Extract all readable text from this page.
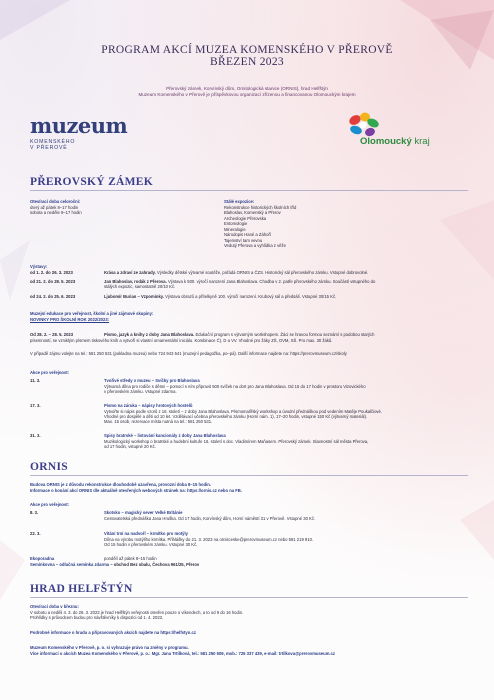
PROGRAM AKCÍ MUZEA KOMENSKÉHO V PŘEROVĚ
BŘEZEN 2023
Přerovský zámek, Korvínský dům, Ornitologická stanice (ORNIS), hrad Helfštýn
Muzeum Komenského v Přerově je příspěvkovou organizací zřízenou a financovanou Olomouckým krajem
muzeum
KOMENSKÉHO
V PŘEROVĚ
Olomoucký kraj
PŘEROVSKÝ ZÁMEK
Otevírací doba celoroční:
úterý až pátek 8–17 hodin
sobota a neděle 9–17 hodin
Stálé expozice:
Rekonstrukce historických školních tříd
Blahoslav, Komenský a Přerov
Archeologie Přerovska
Entomologie
Mineralogie
Národopis Hané a Záhoří
Tajemství tam vevnu
Vedutý Přerova a vyhlídka z věže
Výstavy:
od 1. 2. do 26. 3. 2023	Krása a zdraví ze zahrady. Výsledky dětské výtvarné soutěže, pořádá ORNIS a ČZS. Historický sál přerovského zámku. Vstupné dobrovolné.
od 21. 2. do 28. 5. 2023	Jan Blahoslav, rodák z Přerova. Výstava k 500. výročí narození Jana Blahoslava. Chodba v 2. patře přerovského zámku. Součástí vstupného do stálých expozic, samostatně 20/10 Kč.
od 24. 2. do 25. 6. 2023	Ljubomír Burian – Vzpomínky. Výstava obrazů a přítelkyně 100. výročí narození. Krubový sál a předsálí. Vstupné 30/15 Kč.
Muzejní edukace pro veřejnost, školní a jiné zájmové skupiny:
NOVINKY PRO ŠKOLNÍ ROK 2022/2023:
Od 28. 2. – 28. 5. 2023	Písmo, jazyk a knihy z doby Jana Blahoslava. Edukační program s výtvarným workshopem. Žáci se hravou formou seznámí s podobou starých
písemností, se vzniklým písmem tiskového knih a vytvoří si vlastní ornamentální iniciálu. Kombinace Č), D a VV. Vhodné pro žáky ZŠ, OVM, SŠ. Pro max. 30 žáků.
V případě zájmu volejte na tel.: 581 250 531 (pokladna muzea) nebo 724 943 541 (muzejní pedagožka, po–pá). Další informace najdete na: https://prerovmuseum.cz/skoly
Akce pro veřejnost:
11. 3.	Tvořivé středy v muzeu – Svíčky pro Blahoslava
Výtvarná dílna pro rodiče s dětmi – pomocí s ním připravit 500 svíček na dort pro Jana Blahoslava. Od 15 do 17 hodin v prostoru Vizovického
v přerovském zámku. Vstupné zdarma.
17. 3.	Písmo na záruka – nápisy hrotových hostelů
Vytvořte si nápis podle vzorů z 16. století – z doby Jana Blahoslava. Písmomalířský workshop a úvodní přednáškou pod vedením Matěje Poukalčiové.
Vhodné pro dospělé a děti od 10 let. Vzdělávací učebna přerovského zámku (Horní nám. 1), 17–20 hodin, vstupné 150 Kč (výtvarný materiál).
Max. 15 osob, rezervace místa nutná na tel.: 581 250 531.
31. 3.	Spisy bratrské – listování kancionály z doby Jana Blahoslava
Muzikologický workshop o bratrské a hudební kultuře 16. století s doc. Vladimírem Maňasem. Přerovský zámek. Slavnostní sál města Přerova,
od 17 hodin, vstupné 20 Kč.
ORNIS
Budova ORNIS je z důvodu rekonstrukce dlouhodobě uzavřena, provozní doba 8–15 hodin.
Informace o konání akcí ORNIS dle aktuálně otevřených webových stránek na: https://ornis.cz nebo na FB.
Akce pro veřejnost:
8. 3.	Skotsko – magický sever Velké Británie
Cestovatelská přednáška Jana Hruška. Od 17 hodin, Korvínský dům, Horní náměstí 31 v Přerově. Vstupné 30 Kč.
22. 3.	Vítání trní na nadvoří – krmítko pro motýly
Dílna na výrobu motýlího krmítka. Přihlášky do 21. 3. 2023 na ornisceske@prerovmuseum.cz nebo 581 219 910.
Od 15 hodin v přerovském zámku. Vstupné 30 Kč.
Ekoporadna	pondělí až pátek 8–15 hodin
Semínkovna – odlučná semínka zdarma – obchod Bez obalu, Čechova 961/25, Přerov
HRAD HELFŠTÝN
Otevírací doba v březnu:
V sobotu a neděli 4. 3. do 26. 3. 2023 je hrad Helfštýn veřejnosti otevřen pouze o víkendech, a to od 9 do 16 hodin.
Prohlídky s průvodcem budou pro návštěvníky k dispozici od 1. 4. 2023.
Podrobné informace o hradu a připravovaných akcích najdete na https://helfstyn.cz
Muzeum Komenského v Přerově, p. o. si vyhrazuje právo na změny v programu.
Více informací o akcích Muzea Komenského v Přerově, p. o.: Mgr. Jana Trtílková, tel.: 581 250 509, mob.: 725 337 439, e-mail: trtilkova@prerovmuseum.cz
